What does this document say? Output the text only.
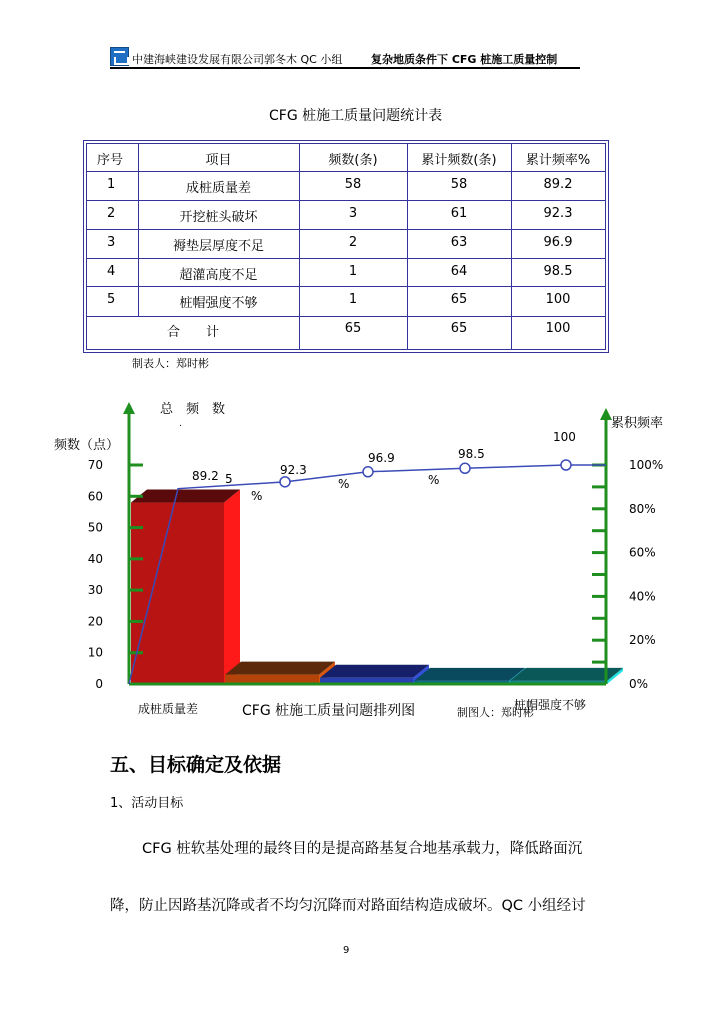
中建海峡建设发展有限公司郭冬木 QC 小组	复杂地质条件下 CFG 桩施工质量控制
CFG 桩施工质量问题统计表
序号	项目	频数(条)	累计频数(条)	累计频率%
1	成桩质量差	58	58	89.2
2	开挖桩头破坏	3	61	92.3
3	褥垫层厚度不足	2	63	96.9
4	超灌高度不足	1	64	98.5
5	桩帽强度不够	1	65	100
合　　计	65	65	100
制表人：郑时彬
0
10
20
30
40
50
60
70
0%
20%
40%
60%
80%
100%
89.2	92.3
96.9	98.5
100
5
%
%	%
总　频　数
.
频数（点）
累积频率
成桩质量差	CFG 桩施工质量问题排列图	制图人：郑时彬
桩帽强度不够
五、目标确定及依据
1、活动目标
CFG 桩软基处理的最终目的是提高路基复合地基承载力，降低路面沉
降，防止因路基沉降或者不均匀沉降而对路面结构造成破坏。QC 小组经讨
9
